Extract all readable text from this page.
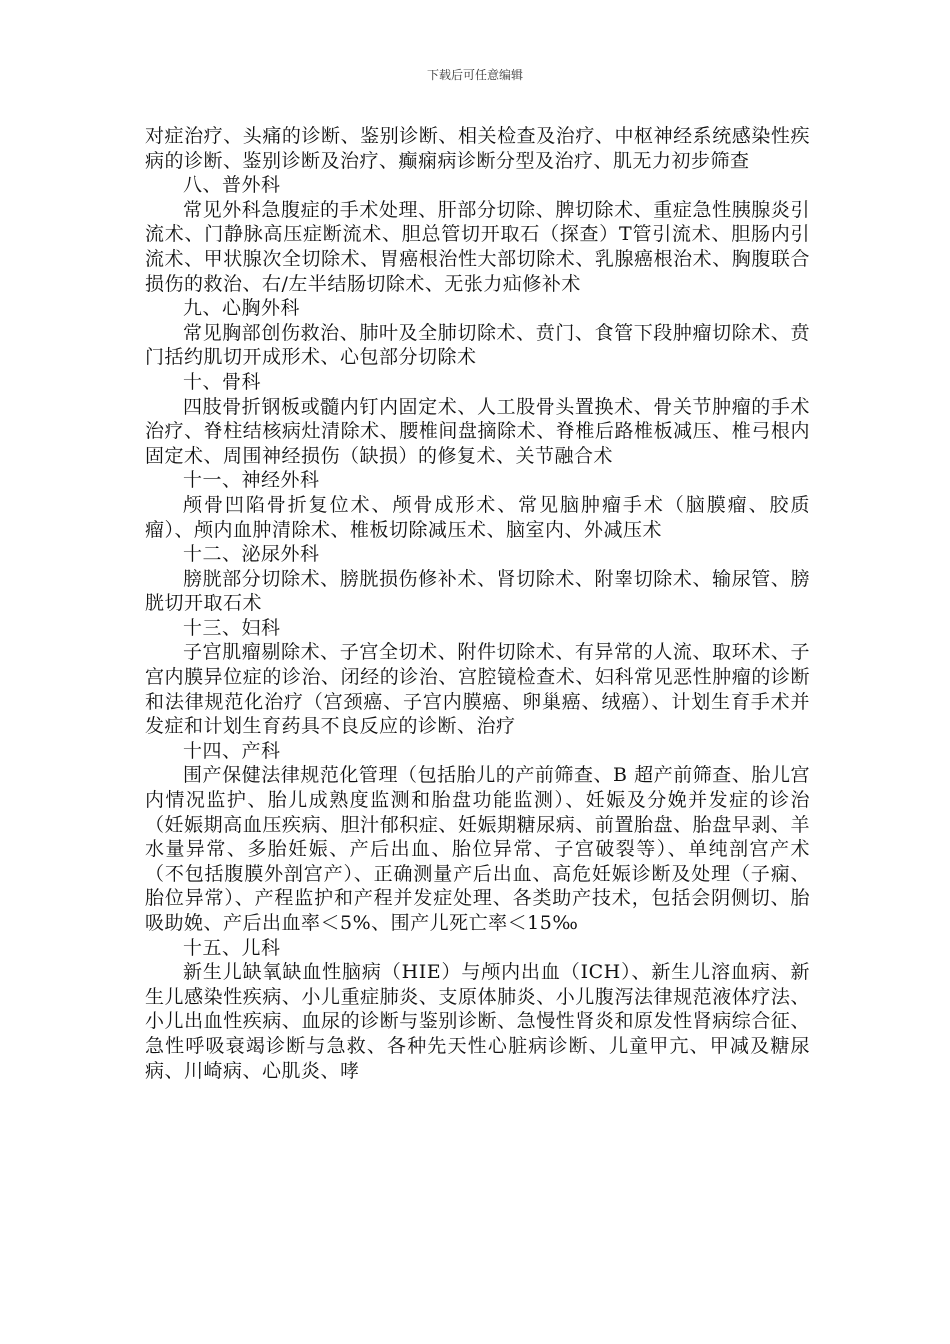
下载后可任意编辑

对症治疗、头痛的诊断、鉴别诊断、相关检查及治疗、中枢神经系统感染性疾病的诊断、鉴别诊断及治疗、癫痫病诊断分型及治疗、肌无力初步筛查

八、普外科

常见外科急腹症的手术处理、肝部分切除、脾切除术、重症急性胰腺炎引流术、门静脉高压症断流术、胆总管切开取石（探查）T管引流术、胆肠内引流术、甲状腺次全切除术、胃癌根治性大部切除术、乳腺癌根治术、胸腹联合损伤的救治、右/左半结肠切除术、无张力疝修补术

九、心胸外科

常见胸部创伤救治、肺叶及全肺切除术、贲门、食管下段肿瘤切除术、贲门括约肌切开成形术、心包部分切除术

十、骨科

四肢骨折钢板或髓内钉内固定术、人工股骨头置换术、骨关节肿瘤的手术治疗、脊柱结核病灶清除术、腰椎间盘摘除术、脊椎后路椎板减压、椎弓根内固定术、周围神经损伤（缺损）的修复术、关节融合术

十一、神经外科

颅骨凹陷骨折复位术、颅骨成形术、常见脑肿瘤手术（脑膜瘤、胶质瘤）、颅内血肿清除术、椎板切除减压术、脑室内、外减压术

十二、泌尿外科

膀胱部分切除术、膀胱损伤修补术、肾切除术、附睾切除术、输尿管、膀胱切开取石术

十三、妇科

子宫肌瘤剔除术、子宫全切术、附件切除术、有异常的人流、取环术、子宫内膜异位症的诊治、闭经的诊治、宫腔镜检查术、妇科常见恶性肿瘤的诊断和法律规范化治疗（宫颈癌、子宫内膜癌、卵巢癌、绒癌）、计划生育手术并发症和计划生育药具不良反应的诊断、治疗

十四、产科

围产保健法律规范化管理（包括胎儿的产前筛查、B 超产前筛查、胎儿宫内情况监护、胎儿成熟度监测和胎盘功能监测）、妊娠及分娩并发症的诊治（妊娠期高血压疾病、胆汁郁积症、妊娠期糖尿病、前置胎盘、胎盘早剥、羊水量异常、多胎妊娠、产后出血、胎位异常、子宫破裂等）、单纯剖宫产术（不包括腹膜外剖宫产）、正确测量产后出血、高危妊娠诊断及处理（子痫、胎位异常）、产程监护和产程并发症处理、各类助产技术，包括会阴侧切、胎吸助娩、产后出血率＜5%、围产儿死亡率＜15‰

十五、儿科

新生儿缺氧缺血性脑病（HIE）与颅内出血（ICH）、新生儿溶血病、新生儿感染性疾病、小儿重症肺炎、支原体肺炎、小儿腹泻法律规范液体疗法、小儿出血性疾病、血尿的诊断与鉴别诊断、急慢性肾炎和原发性肾病综合征、急性呼吸衰竭诊断与急救、各种先天性心脏病诊断、儿童甲亢、甲减及糖尿病、川崎病、心肌炎、哮
